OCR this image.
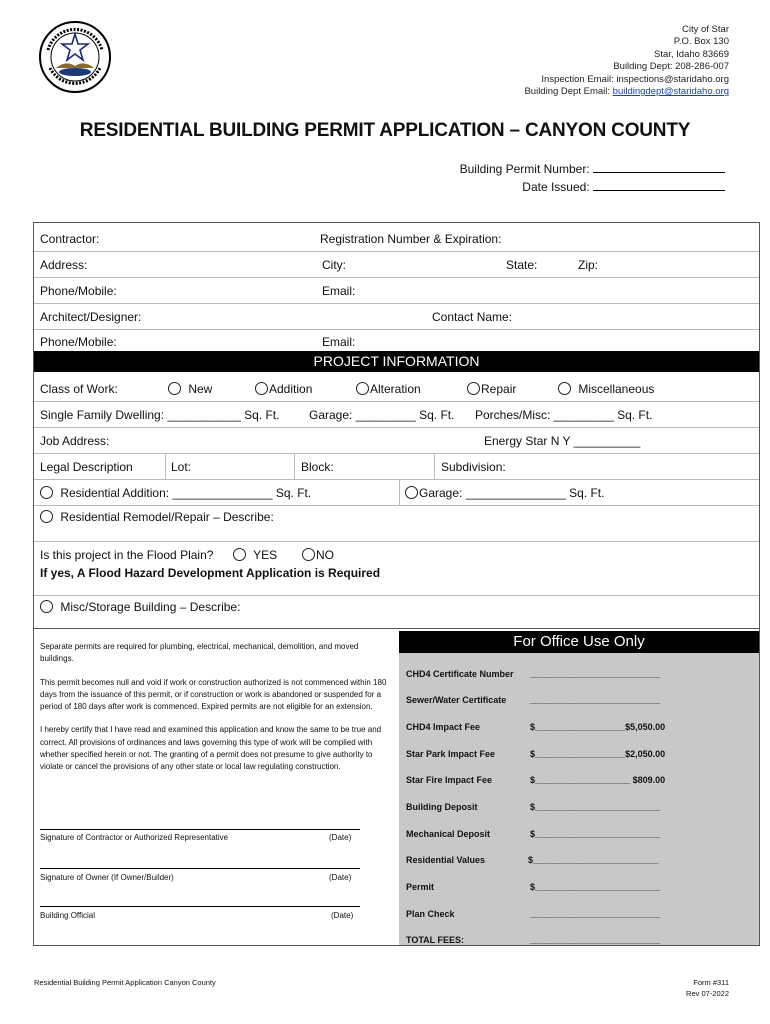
City of Star
P.O. Box 130
Star, Idaho 83669
Building Dept: 208-286-007
Inspection Email: inspections@staridaho.org
Building Dept Email: buildingdept@staridaho.org
RESIDENTIAL BUILDING PERMIT APPLICATION – CANYON COUNTY
Building Permit Number:
Date Issued:
Contractor:	Registration Number & Expiration:
Address:	City:	State:	Zip:
Phone/Mobile:	Email:
Architect/Designer:	Contact Name:
Phone/Mobile:	Email:
PROJECT INFORMATION
Class of Work:	New	Addition	Alteration	Repair	Miscellaneous
Single Family Dwelling: ___________ Sq. Ft. Garage: _________ Sq. Ft. Porches/Misc: _________ Sq. Ft.
Job Address:	Energy Star N Y __________
Legal Description	Lot:	Block:	Subdivision:
Residential Addition: _______________ Sq. Ft.	Garage: _______________ Sq. Ft.
Residential Remodel/Repair – Describe:
Is this project in the Flood Plain?	YES	NO
If yes, A Flood Hazard Development Application is Required
Misc/Storage Building – Describe:

Separate permits are required for plumbing, electrical, mechanical, demolition, and moved buildings.

This permit becomes null and void if work or construction authorized is not commenced within 180 days from the issuance of this permit, or if construction or work is abandoned or suspended for a period of 180 days after work is commenced. Expired permits are not eligible for an extension.

I hereby certify that I have read and examined this application and know the same to be true and correct. All provisions of ordinances and laws governing this type of work will be complied with whether specified herein or not. The granting of a permit does not presume to give authority to violate or cancel the provisions of any other state or local law regulating construction.

Signature of Contractor or Authorized Representative	(Date)
Signature of Owner (If Owner/Builder)	(Date)
Building Official	(Date)
For Office Use Only
CHD4 Certificate Number __________________________
Sewer/Water Certificate	__________________________
CHD4 Impact Fee	$__________________$5,050.00
Star Park Impact Fee	$__________________$2,050.00
Star Fire Impact Fee	$___________________ $809.00
Building Deposit	$_________________________
Mechanical Deposit	$_________________________
Residential Values	$_________________________
Permit	$_________________________
Plan Check	__________________________
TOTAL FEES:	__________________________
Residential Building Permit Application Canyon County	Form #311
Rev 07-2022
